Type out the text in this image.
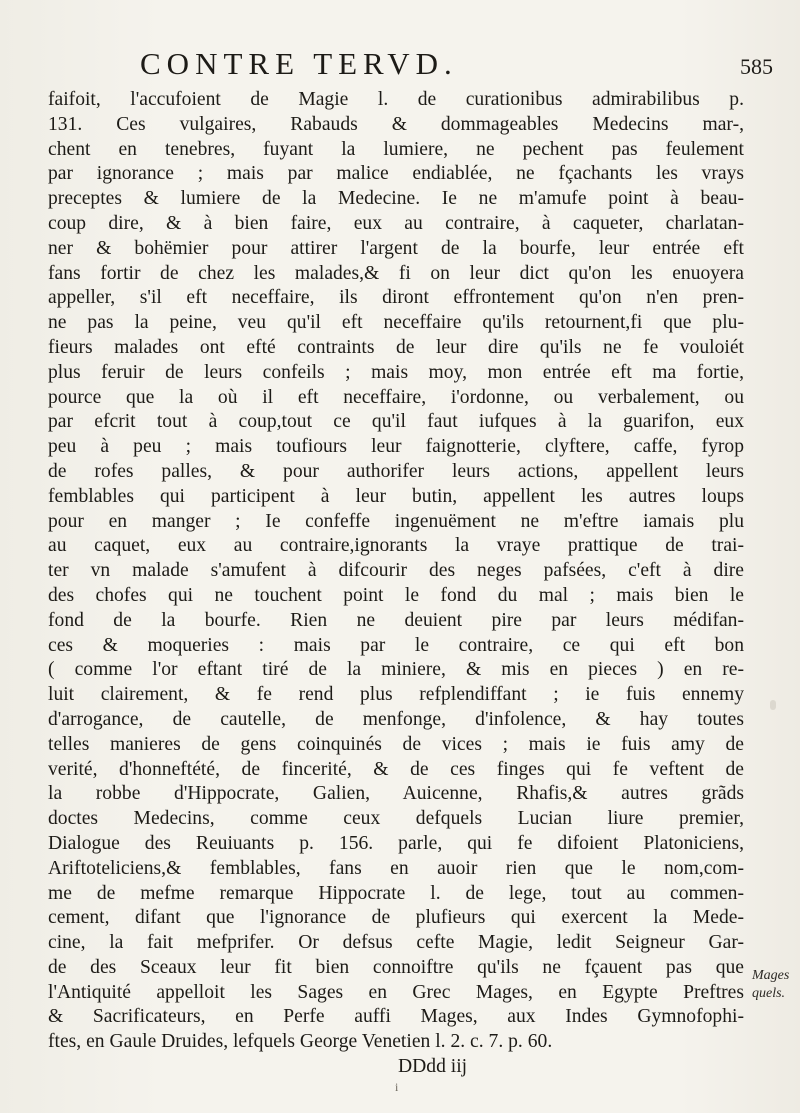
CONTRE TERVD.	585
faifoit, l'accufoient de Magie l. de curationibus admirabilibus p.
131. Ces vulgaires, Rabauds & dommageables Medecins mar-,
chent en tenebres, fuyant la lumiere, ne pechent pas feulement
par ignorance ; mais par malice endiablée, ne fçachants les vrays
preceptes & lumiere de la Medecine. Ie ne m'amufe point à beau-
coup dire, & à bien faire, eux au contraire, à caqueter, charlatan-
ner & bohëmier pour attirer l'argent de la bourfe, leur entrée eft
fans fortir de chez les malades,& fi on leur dict qu'on les enuoyera
appeller, s'il eft neceffaire, ils diront effrontement qu'on n'en pren-
ne pas la peine, veu qu'il eft neceffaire qu'ils retournent,fi que plu-
fieurs malades ont efté contraints de leur dire qu'ils ne fe vouloiét
plus feruir de leurs confeils ; mais moy, mon entrée eft ma fortie,
pource que la où il eft neceffaire, i'ordonne, ou verbalement, ou
par efcrit tout à coup,tout ce qu'il faut iufques à la guarifon, eux
peu à peu ; mais toufiours leur faignotterie, clyftere, caffe, fyrop
de rofes palles, & pour authorifer leurs actions, appellent leurs
femblables qui participent à leur butin, appellent les autres loups
pour en manger ; Ie confeffe ingenuëment ne m'eftre iamais plu
au caquet, eux au contraire,ignorants la vraye prattique de trai-
ter vn malade s'amufent à difcourir des neges pafsées, c'eft à dire
des chofes qui ne touchent point le fond du mal ; mais bien le
fond de la bourfe. Rien ne deuient pire par leurs médifan-
ces & moqueries : mais par le contraire, ce qui eft bon
( comme l'or eftant tiré de la miniere, & mis en pieces ) en re-
luit clairement, & fe rend plus refplendiffant ; ie fuis ennemy
d'arrogance, de cautelle, de menfonge, d'infolence, & hay toutes
telles manieres de gens coinquinés de vices ; mais ie fuis amy de
verité, d'honneftété, de fincerité, & de ces finges qui fe veftent de
la robbe d'Hippocrate, Galien, Auicenne, Rhafis,& autres grãds
doctes Medecins, comme ceux defquels Lucian liure premier,
Dialogue des Reuiuants p. 156. parle, qui fe difoient Platoniciens,
Ariftoteliciens,& femblables, fans en auoir rien que le nom,com-
me de mefme remarque Hippocrate l. de lege, tout au commen-
cement, difant que l'ignorance de plufieurs qui exercent la Mede-
cine, la fait mefprifer. Or defsus cefte Magie, ledit Seigneur Gar-
de des Sceaux leur fit bien connoiftre qu'ils ne fçauent pas que
l'Antiquité appelloit les Sages en Grec Mages, en Egypte Preftres
& Sacrificateurs, en Perfe auffi Mages, aux Indes Gymnofophi-
ftes, en Gaule Druides, lefquels George Venetien l. 2. c. 7. p. 60.
DDdd iij
Mages
quels.
i
